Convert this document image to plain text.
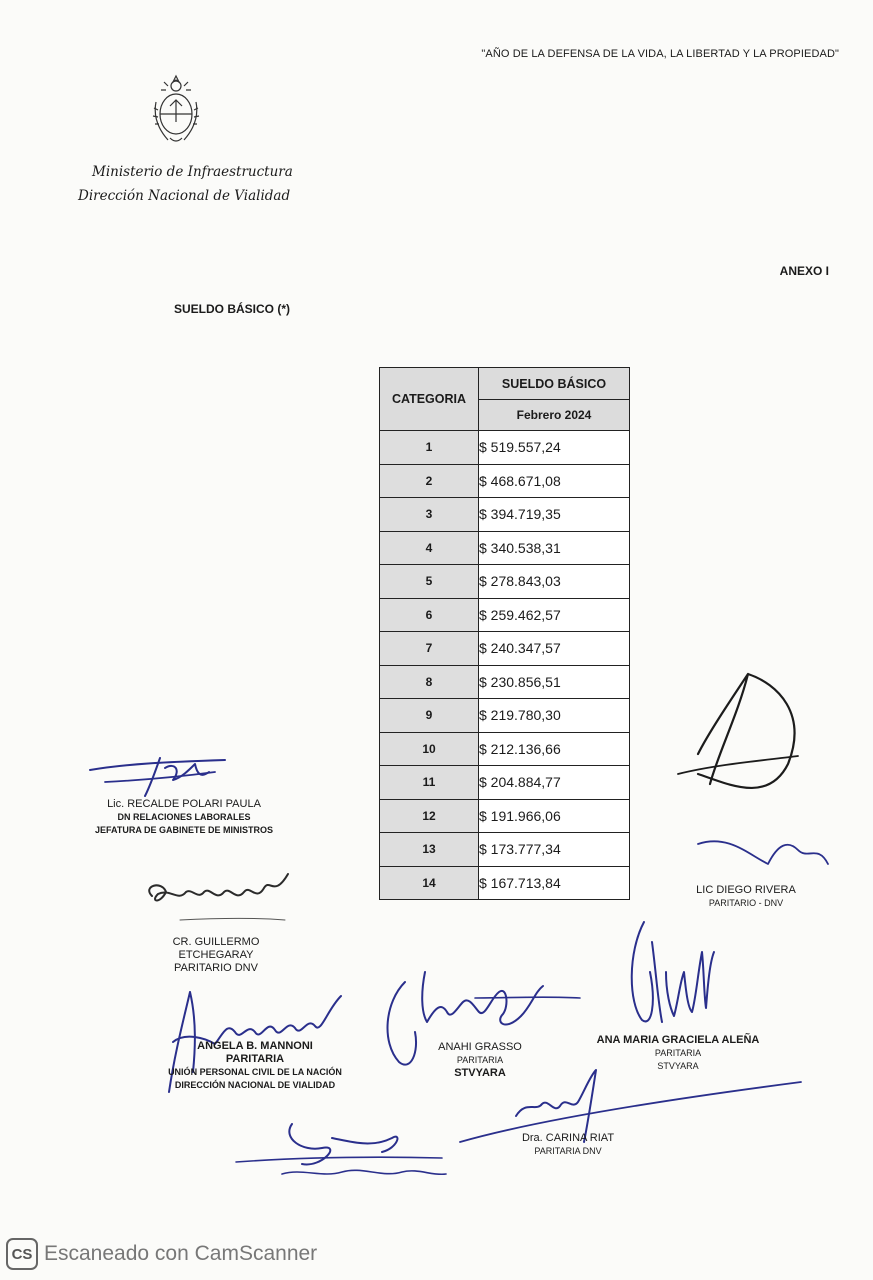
"AÑO DE LA DEFENSA DE LA VIDA, LA LIBERTAD Y LA PROPIEDAD"
Ministerio de Infraestructura
Dirección Nacional de Vialidad
ANEXO I
SUELDO BÁSICO (*)
CATEGORIA	SUELDO BÁSICO
	Febrero 2024
1	$ 519.557,24
2	$ 468.671,08
3	$ 394.719,35
4	$ 340.538,31
5	$ 278.843,03
6	$ 259.462,57
7	$ 240.347,57
8	$ 230.856,51
9	$ 219.780,30
10	$ 212.136,66
11	$ 204.884,77
12	$ 191.966,06
13	$ 173.777,34
14	$ 167.713,84
Lic. RECALDE POLARI PAULA
DN RELACIONES LABORALES
JEFATURA DE GABINETE DE MINISTROS
CR. GUILLERMO ETCHEGARAY
PARITARIO DNV
ANGELA B. MANNONI
PARITARIA
UNIÓN PERSONAL CIVIL DE LA NACIÓN
DIRECCIÓN NACIONAL DE VIALIDAD
ANAHI GRASSO
PARITARIA
STVYARA
ANA MARIA GRACIELA ALEÑA
PARITARIA
STVYARA
LIC DIEGO RIVERA
PARITARIO - DNV
Dra. CARINA RIAT
PARITARIA DNV
CS Escaneado con CamScanner
